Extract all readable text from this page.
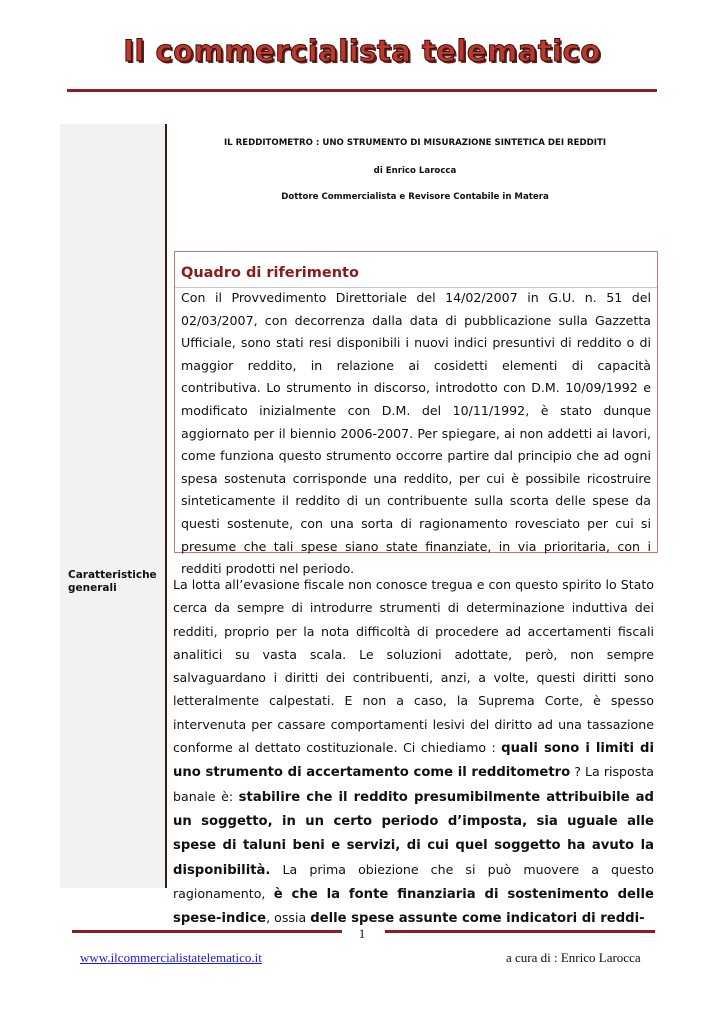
Il commercialista telematico
IL REDDITOMETRO : UNO STRUMENTO DI MISURAZIONE SINTETICA DEI REDDITI
di Enrico Larocca
Dottore Commercialista e Revisore Contabile in Matera
Quadro di riferimento
Con il Provvedimento Direttoriale del 14/02/2007 in G.U. n. 51 del 02/03/2007, con decorrenza dalla data di pubblicazione sulla Gazzetta Ufficiale, sono stati resi disponibili i nuovi indici presuntivi di reddito o di maggior reddito, in relazione ai cosidetti elementi di capacità contributiva. Lo strumento in discorso, introdotto con D.M. 10/09/1992 e modificato inizialmente con D.M. del 10/11/1992, è stato dunque aggiornato per il biennio 2006-2007. Per spiegare, ai non addetti ai lavori, come funziona questo strumento occorre partire dal principio che ad ogni spesa sostenuta corrisponde una reddito, per cui è possibile ricostruire sinteticamente il reddito di un contribuente sulla scorta delle spese da questi sostenute, con una sorta di ragionamento rovesciato per cui si presume che tali spese siano state finanziate, in via prioritaria, con i redditi prodotti nel periodo.
Caratteristiche generali	La lotta all’evasione fiscale non conosce tregua e con questo spirito lo Stato cerca da sempre di introdurre strumenti di determinazione induttiva dei redditi, proprio per la nota difficoltà di procedere ad accertamenti fiscali analitici su vasta scala. Le soluzioni adottate, però, non sempre salvaguardano i diritti dei contribuenti, anzi, a volte, questi diritti sono letteralmente calpestati. E non a caso, la Suprema Corte, è spesso intervenuta per cassare comportamenti lesivi del diritto ad una tassazione conforme al dettato costituzionale. Ci chiediamo : quali sono i limiti di uno strumento di accertamento come il redditometro ? La risposta banale è: stabilire che il reddito presumibilmente attribuibile ad un soggetto, in un certo periodo d’imposta, sia uguale alle spese di taluni beni e servizi, di cui quel soggetto ha avuto la disponibilità. La prima obiezione che si può muovere a questo ragionamento, è che la fonte finanziaria di sostenimento delle spese-indice, ossia delle spese assunte come indicatori di reddi-
1
www.ilcommercialistatelematico.it	a cura di : Enrico Larocca
